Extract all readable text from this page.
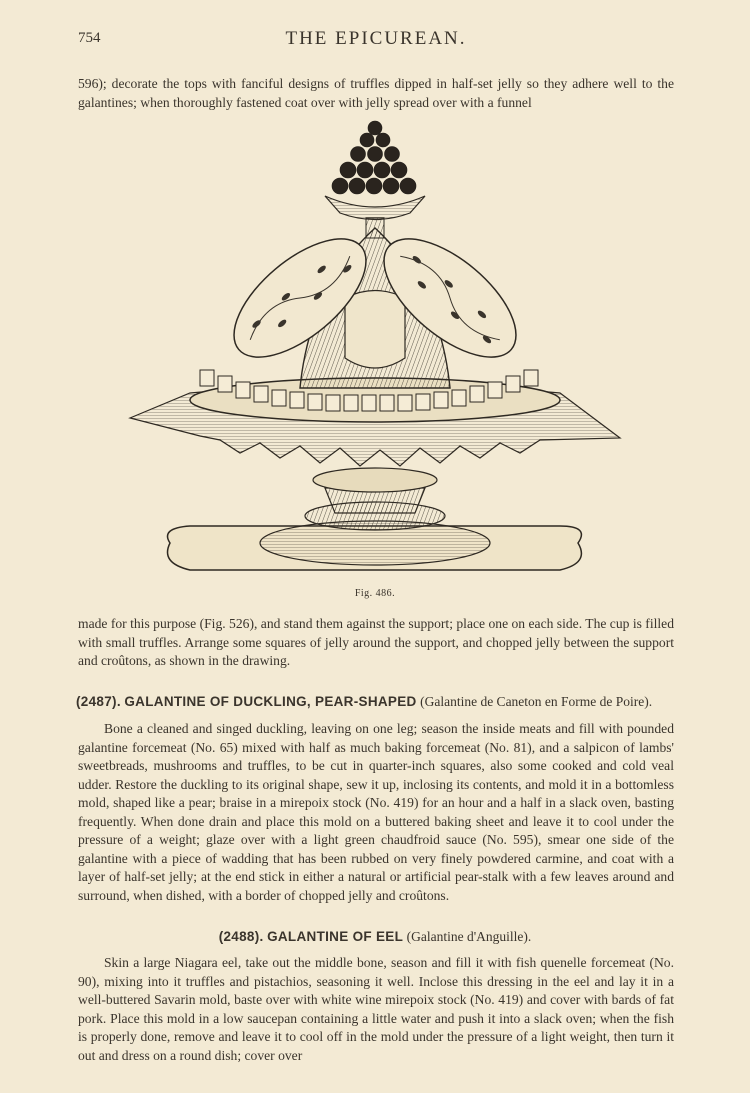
754	THE EPICUREAN.

596); decorate the tops with fanciful designs of truffles dipped in half-set jelly so they adhere well to the galantines; when thoroughly fastened coat over with jelly spread over with a funnel

Fig. 486.

made for this purpose (Fig. 526), and stand them against the support; place one on each side. The cup is filled with small truffles. Arrange some squares of jelly around the support, and chopped jelly between the support and croûtons, as shown in the drawing.

(2487). GALANTINE OF DUCKLING, PEAR-SHAPED (Galantine de Caneton en Forme de Poire).

Bone a cleaned and singed duckling, leaving on one leg; season the inside meats and fill with pounded galantine forcemeat (No. 65) mixed with half as much baking forcemeat (No. 81), and a salpicon of lambs' sweetbreads, mushrooms and truffles, to be cut in quarter-inch squares, also some cooked and cold veal udder. Restore the duckling to its original shape, sew it up, inclosing its contents, and mold it in a bottomless mold, shaped like a pear; braise in a mirepoix stock (No. 419) for an hour and a half in a slack oven, basting frequently. When done drain and place this mold on a buttered baking sheet and leave it to cool under the pressure of a weight; glaze over with a light green chaudfroid sauce (No. 595), smear one side of the galantine with a piece of wadding that has been rubbed on very finely powdered carmine, and coat with a layer of half-set jelly; at the end stick in either a natural or artificial pear-stalk with a few leaves around and surround, when dished, with a border of chopped jelly and croûtons.

(2488). GALANTINE OF EEL (Galantine d'Anguille).

Skin a large Niagara eel, take out the middle bone, season and fill it with fish quenelle forcemeat (No. 90), mixing into it truffles and pistachios, seasoning it well. Inclose this dressing in the eel and lay it in a well-buttered Savarin mold, baste over with white wine mirepoix stock (No. 419) and cover with bards of fat pork. Place this mold in a low saucepan containing a little water and push it into a slack oven; when the fish is properly done, remove and leave it to cool off in the mold under the pressure of a light weight, then turn it out and dress on a round dish; cover over
